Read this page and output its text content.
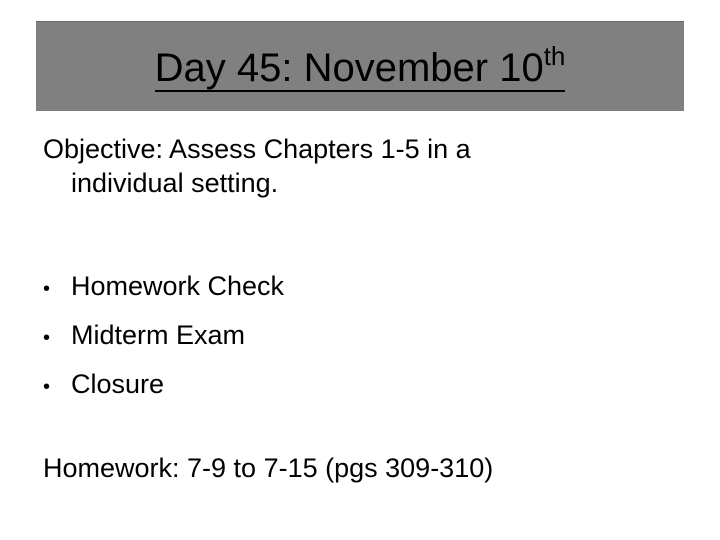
Day 45: November 10th
Objective: Assess Chapters 1-5 in a
individual setting.
• Homework Check
• Midterm Exam
• Closure
Homework: 7-9 to 7-15 (pgs 309-310)
